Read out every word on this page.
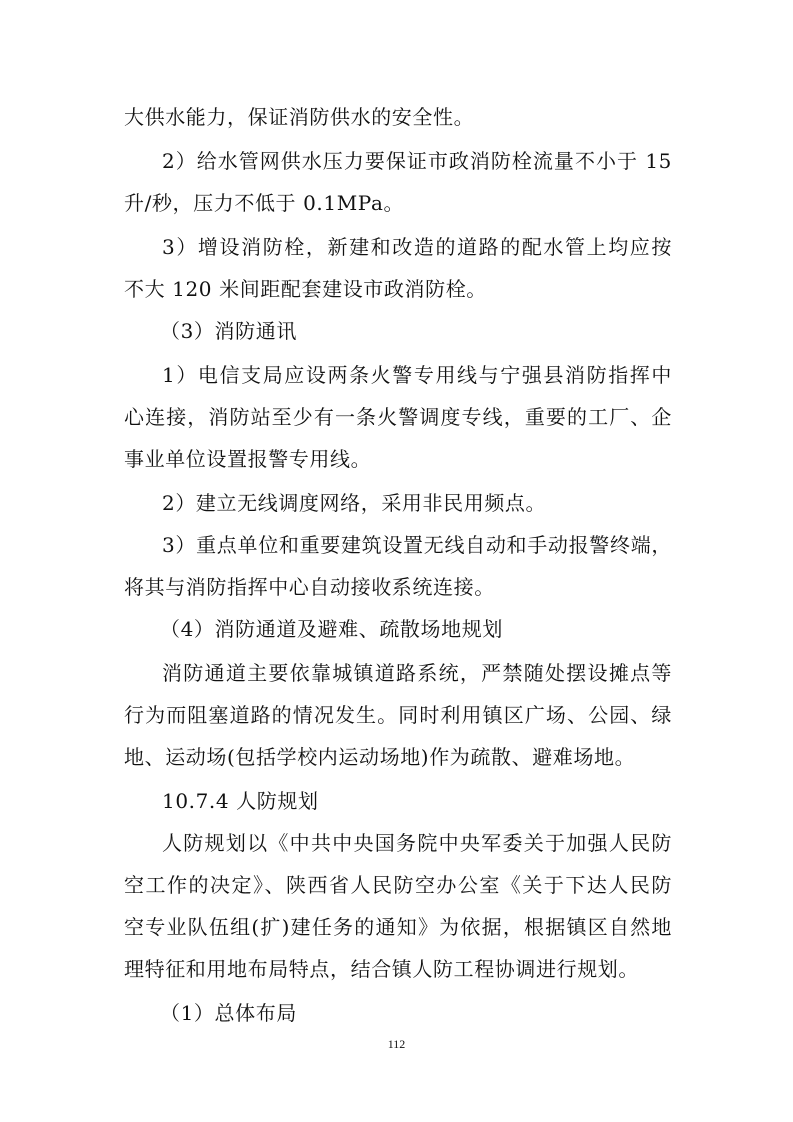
大供水能力，保证消防供水的安全性。
2）给水管网供水压力要保证市政消防栓流量不小于 15
升/秒，压力不低于 0.1MPa。
3）增设消防栓，新建和改造的道路的配水管上均应按
不大 120 米间距配套建设市政消防栓。
（3）消防通讯
1）电信支局应设两条火警专用线与宁强县消防指挥中
心连接，消防站至少有一条火警调度专线，重要的工厂、企
事业单位设置报警专用线。
2）建立无线调度网络，采用非民用频点。
3）重点单位和重要建筑设置无线自动和手动报警终端，
将其与消防指挥中心自动接收系统连接。
（4）消防通道及避难、疏散场地规划
消防通道主要依靠城镇道路系统，严禁随处摆设摊点等
行为而阻塞道路的情况发生。同时利用镇区广场、公园、绿
地、运动场(包括学校内运动场地)作为疏散、避难场地。
10.7.4 人防规划
人防规划以《中共中央国务院中央军委关于加强人民防
空工作的决定》、陕西省人民防空办公室《关于下达人民防
空专业队伍组(扩)建任务的通知》为依据，根据镇区自然地
理特征和用地布局特点，结合镇人防工程协调进行规划。
（1）总体布局
112
